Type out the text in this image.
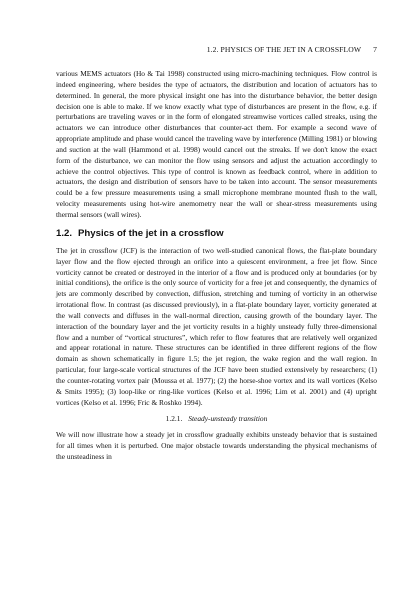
1.2. PHYSICS OF THE JET IN A CROSSFLOW 7

various MEMS actuators (Ho & Tai 1998) constructed using micro-machining techniques. Flow control is indeed engineering, where besides the type of actuators, the distribution and location of actuators has to determined. In general, the more physical insight one has into the disturbance behavior, the better design decision one is able to make. If we know exactly what type of disturbances are present in the flow, e.g. if perturbations are traveling waves or in the form of elongated streamwise vortices called streaks, using the actuators we can introduce other disturbances that counter-act them. For example a second wave of appropriate amplitude and phase would cancel the traveling wave by interference (Milling 1981) or blowing and suction at the wall (Hammond et al. 1998) would cancel out the streaks. If we don't know the exact form of the disturbance, we can monitor the flow using sensors and adjust the actuation accordingly to achieve the control objectives. This type of control is known as feedback control, where in addition to actuators, the design and distribution of sensors have to be taken into account. The sensor measurements could be a few pressure measurements using a small microphone membrane mounted flush to the wall, velocity measurements using hot-wire anemometry near the wall or shear-stress measurements using thermal sensors (wall wires).

1.2. Physics of the jet in a crossflow

The jet in crossflow (JCF) is the interaction of two well-studied canonical flows, the flat-plate boundary layer flow and the flow ejected through an orifice into a quiescent environment, a free jet flow. Since vorticity cannot be created or destroyed in the interior of a flow and is produced only at boundaries (or by initial conditions), the orifice is the only source of vorticity for a free jet and consequently, the dynamics of jets are commonly described by convection, diffusion, stretching and turning of vorticity in an otherwise irrotational flow. In contrast (as discussed previously), in a flat-plate boundary layer, vorticity generated at the wall convects and diffuses in the wall-normal direction, causing growth of the boundary layer. The interaction of the boundary layer and the jet vorticity results in a highly unsteady fully three-dimensional flow and a number of “vortical structures”, which refer to flow features that are relatively well organized and appear rotational in nature. These structures can be identified in three different regions of the flow domain as shown schematically in figure 1.5; the jet region, the wake region and the wall region. In particular, four large-scale vortical structures of the JCF have been studied extensively by researchers; (1) the counter-rotating vortex pair (Moussa et al. 1977); (2) the horse-shoe vortex and its wall vortices (Kelso & Smits 1995); (3) loop-like or ring-like vortices (Kelso et al. 1996; Lim et al. 2001) and (4) upright vortices (Kelso et al. 1996; Fric & Roshko 1994).

1.2.1. Steady-unsteady transition

We will now illustrate how a steady jet in crossflow gradually exhibits unsteady behavior that is sustained for all times when it is perturbed. One major obstacle towards understanding the physical mechanisms of the unsteadiness in
